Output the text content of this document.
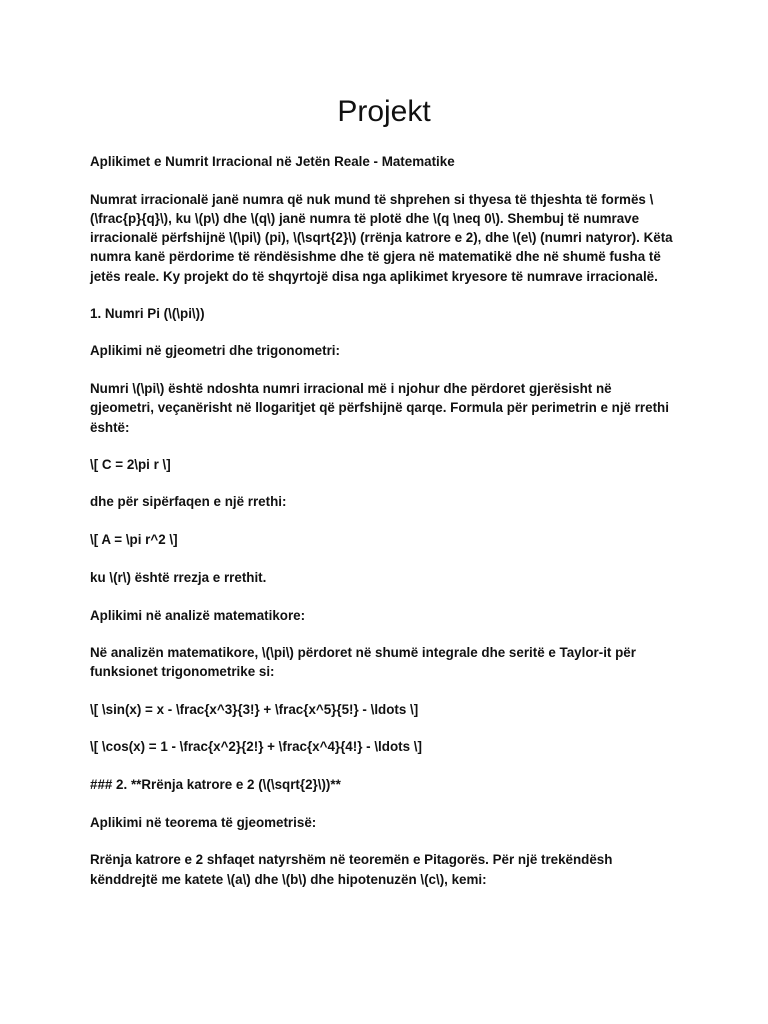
Projekt

Aplikimet e Numrit Irracional në Jetën Reale - Matematike

Numrat irracionalë janë numra që nuk mund të shprehen si thyesa të thjeshta të formës \(\frac{p}{q}\), ku \(p\) dhe \(q\) janë numra të plotë dhe \(q \neq 0\). Shembuj të numrave irracionalë përfshijnë \(\pi\) (pi), \(\sqrt{2}\) (rrënja katrore e 2), dhe \(e\) (numri natyror). Këta numra kanë përdorime të rëndësishme dhe të gjera në matematikë dhe në shumë fusha të jetës reale. Ky projekt do të shqyrtojë disa nga aplikimet kryesore të numrave irracionalë.

1. Numri Pi (\(\pi\))

Aplikimi në gjeometri dhe trigonometri:

Numri \(\pi\) është ndoshta numri irracional më i njohur dhe përdoret gjerësisht në gjeometri, veçanërisht në llogaritjet që përfshijnë qarqe. Formula për perimetrin e një rrethi është:

\[ C = 2\pi r \]

dhe për sipërfaqen e një rrethi:

\[ A = \pi r^2 \]

ku \(r\) është rrezja e rrethit.

Aplikimi në analizë matematikore:

Në analizën matematikore, \(\pi\) përdoret në shumë integrale dhe seritë e Taylor-it për funksionet trigonometrike si:

\[ \sin(x) = x - \frac{x^3}{3!} + \frac{x^5}{5!} - \ldots \]

\[ \cos(x) = 1 - \frac{x^2}{2!} + \frac{x^4}{4!} - \ldots \]

### 2. **Rrënja katrore e 2 (\(\sqrt{2}\))**

Aplikimi në teorema të gjeometrisë:

Rrënja katrore e 2 shfaqet natyrshëm në teoremën e Pitagorës. Për një trekëndësh kënddrejtë me katete \(a\) dhe \(b\) dhe hipotenuzën \(c\), kemi:
